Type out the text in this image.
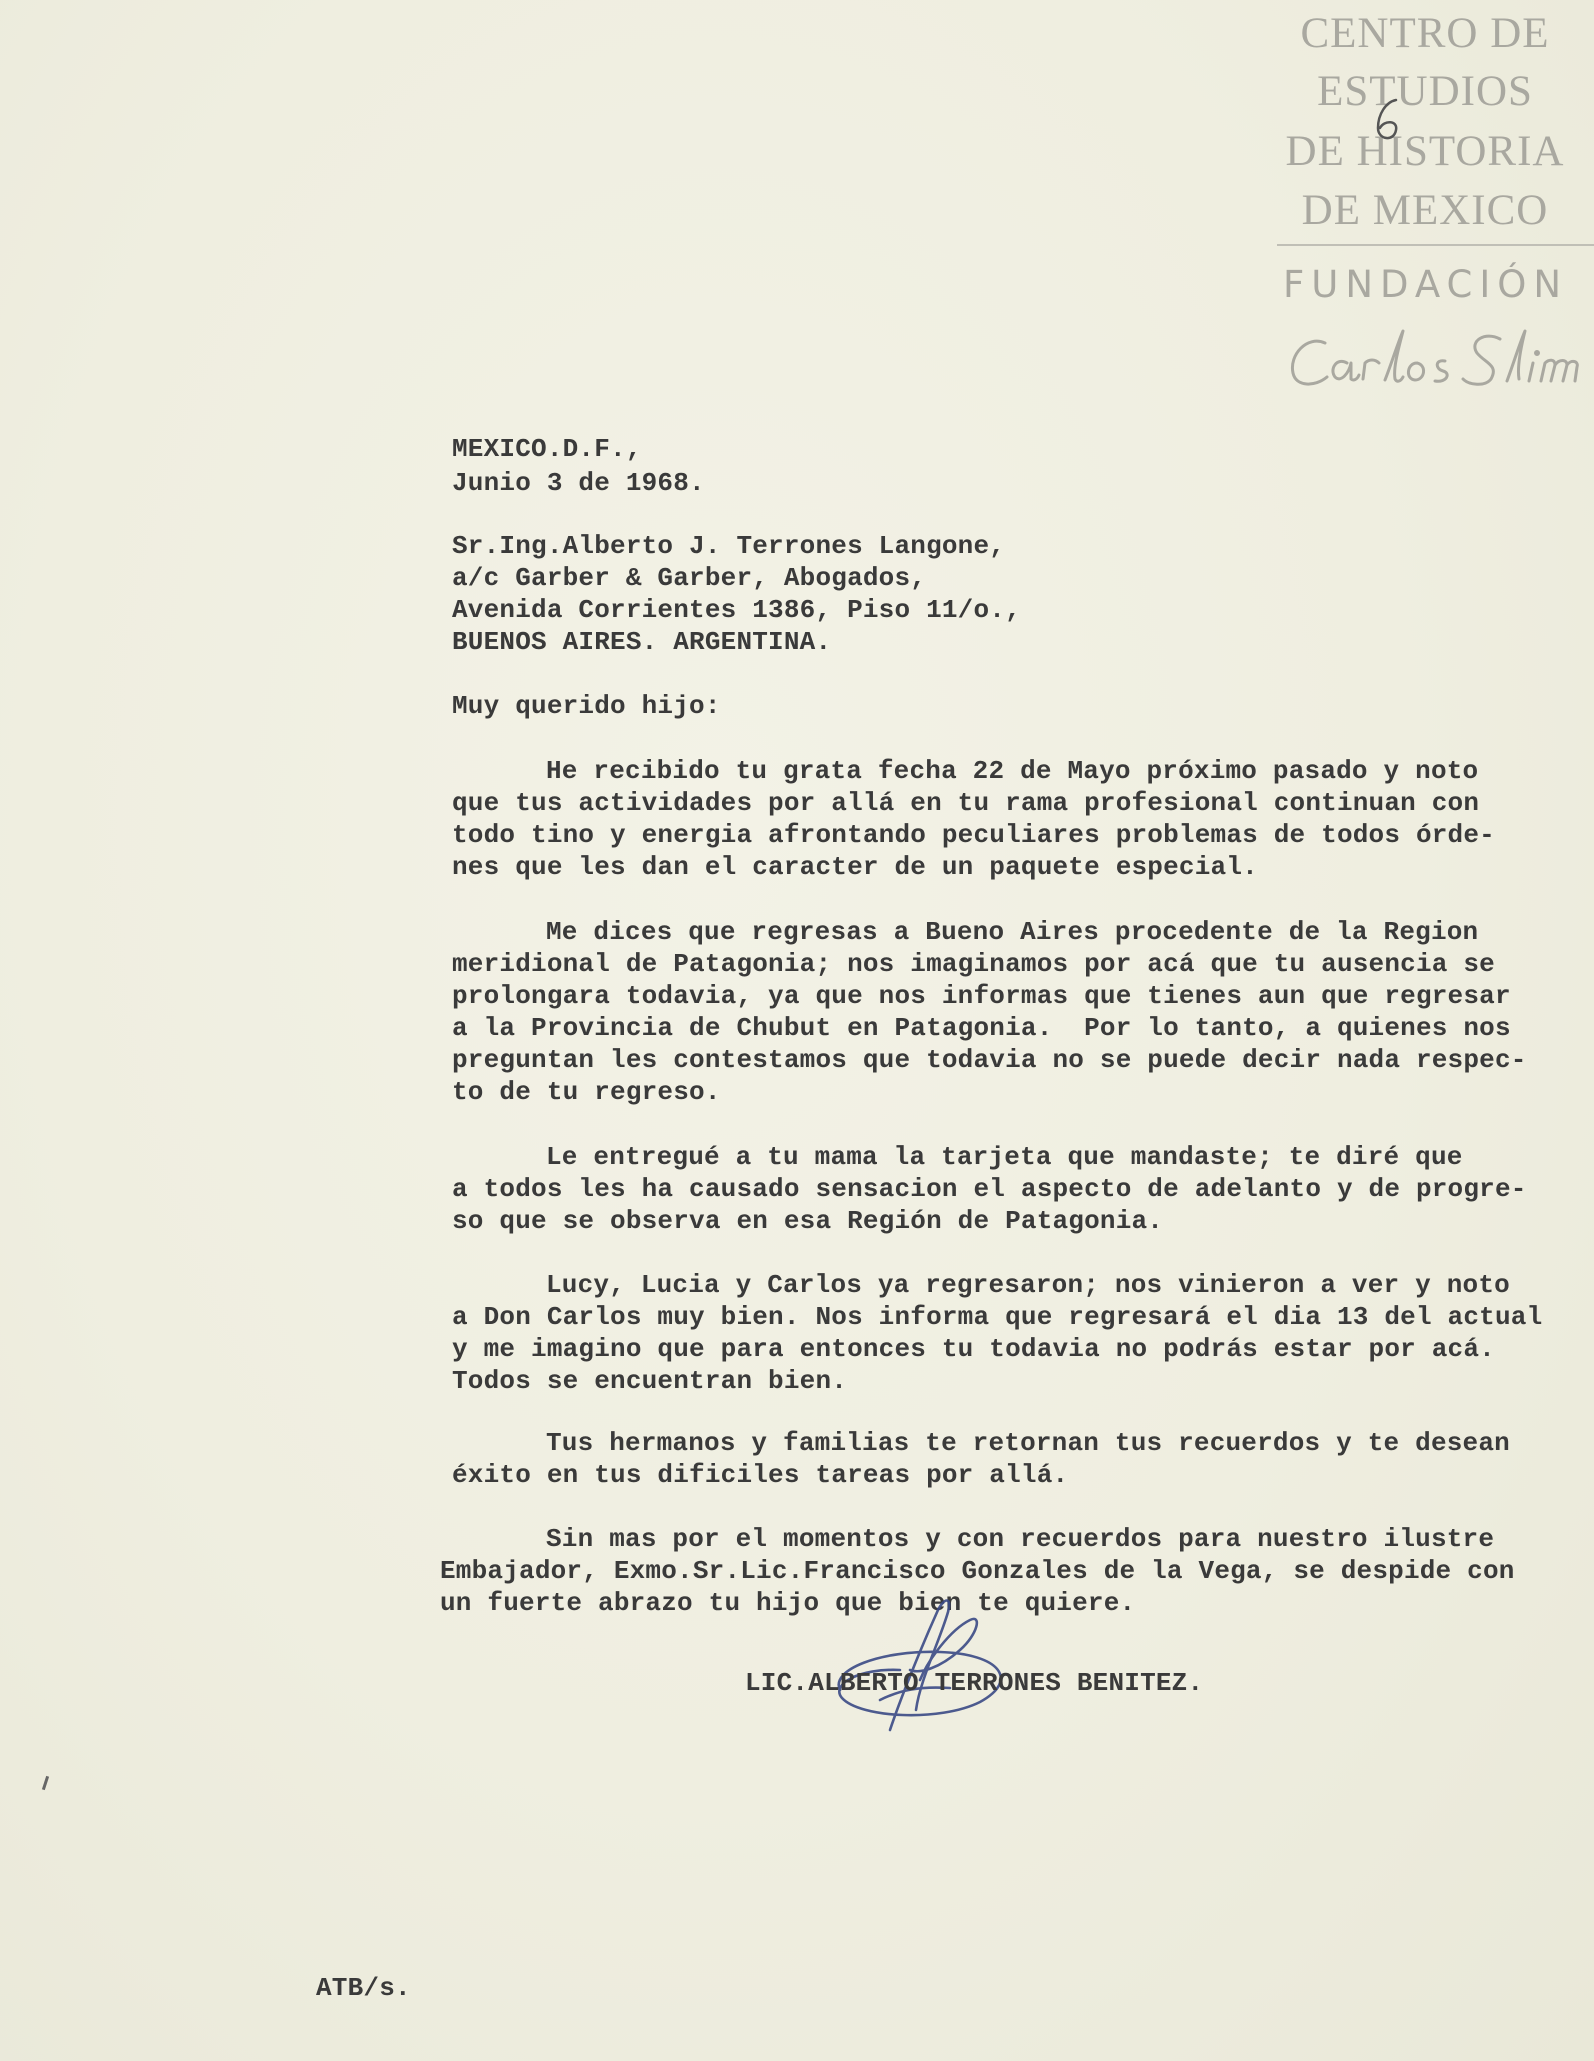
CENTRO DE
ESTUDIOS
DE HISTORIA
DE MEXICO
FUNDACIÓN
MEXICO.D.F.,
Junio 3 de 1968.
Sr.Ing.Alberto J. Terrones Langone,
a/c Garber & Garber, Abogados,
Avenida Corrientes 1386, Piso 11/o.,
BUENOS AIRES. ARGENTINA.
Muy querido hijo:
He recibido tu grata fecha 22 de Mayo próximo pasado y noto
que tus actividades por allá en tu rama profesional continuan con
todo tino y energia afrontando peculiares problemas de todos órde-
nes que les dan el caracter de un paquete especial.
Me dices que regresas a Bueno Aires procedente de la Region
meridional de Patagonia; nos imaginamos por acá que tu ausencia se
prolongara todavia, ya que nos informas que tienes aun que regresar
a la Provincia de Chubut en Patagonia.  Por lo tanto, a quienes nos
preguntan les contestamos que todavia no se puede decir nada respec-
to de tu regreso.
Le entregué a tu mama la tarjeta que mandaste; te diré que
a todos les ha causado sensacion el aspecto de adelanto y de progre-
so que se observa en esa Región de Patagonia.
Lucy, Lucia y Carlos ya regresaron; nos vinieron a ver y noto
a Don Carlos muy bien. Nos informa que regresará el dia 13 del actual
y me imagino que para entonces tu todavia no podrás estar por acá.
Todos se encuentran bien.
Tus hermanos y familias te retornan tus recuerdos y te desean
éxito en tus dificiles tareas por allá.
Sin mas por el momentos y con recuerdos para nuestro ilustre
Embajador, Exmo.Sr.Lic.Francisco Gonzales de la Vega, se despide con
un fuerte abrazo tu hijo que bien te quiere.
LIC.ALBERTO TERRONES BENITEZ.
ATB/s.
